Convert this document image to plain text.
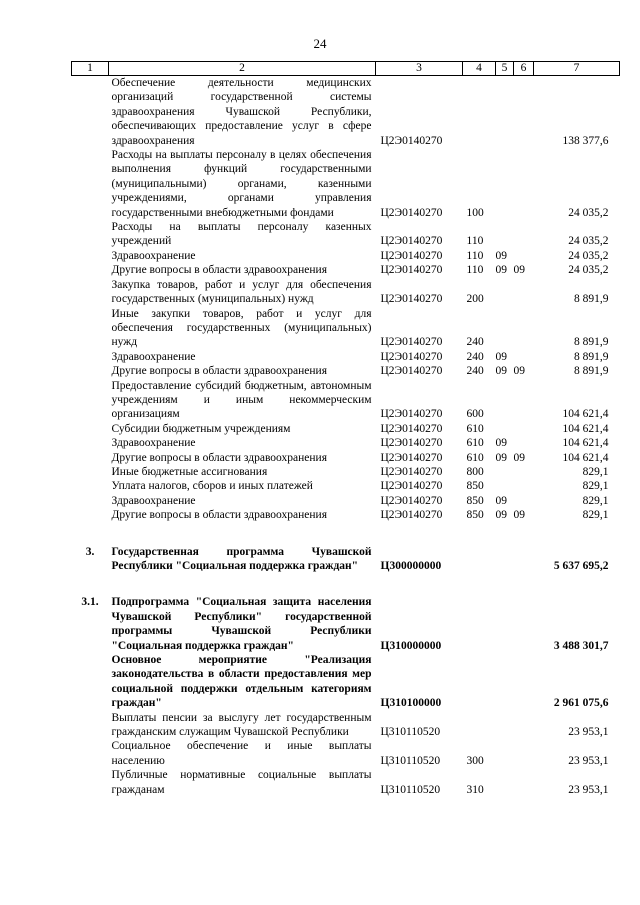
24
1	2	3	4	5	6	7
	Обеспечение деятельности медицинских организаций государственной системы здравоохранения Чувашской Республики, обеспечивающих предоставление услуг в сфере здравоохранения	Ц2Э0140270				138 377,6
	Расходы на выплаты персоналу в целях обеспечения выполнения функций государственными (муниципальными) органами, казенными учреждениями, органами управления государственными внебюджетными фондами	Ц2Э0140270	100			24 035,2
	Расходы на выплаты персоналу казенных учреждений	Ц2Э0140270	110			24 035,2
	Здравоохранение	Ц2Э0140270	110	09		24 035,2
	Другие вопросы в области здравоохранения	Ц2Э0140270	110	09	09	24 035,2
	Закупка товаров, работ и услуг для обеспечения государственных (муниципальных) нужд	Ц2Э0140270	200			8 891,9
	Иные закупки товаров, работ и услуг для обеспечения государственных (муниципальных) нужд	Ц2Э0140270	240			8 891,9
	Здравоохранение	Ц2Э0140270	240	09		8 891,9
	Другие вопросы в области здравоохранения	Ц2Э0140270	240	09	09	8 891,9
	Предоставление субсидий бюджетным, автономным учреждениям и иным некоммерческим организациям	Ц2Э0140270	600			104 621,4
	Субсидии бюджетным учреждениям	Ц2Э0140270	610			104 621,4
	Здравоохранение	Ц2Э0140270	610	09		104 621,4
	Другие вопросы в области здравоохранения	Ц2Э0140270	610	09	09	104 621,4
	Иные бюджетные ассигнования	Ц2Э0140270	800			829,1
	Уплата налогов, сборов и иных платежей	Ц2Э0140270	850			829,1
	Здравоохранение	Ц2Э0140270	850	09		829,1
	Другие вопросы в области здравоохранения	Ц2Э0140270	850	09	09	829,1

3.	Государственная программа Чувашской Республики "Социальная поддержка граждан"	Ц300000000				5 637 695,2

3.1.	Подпрограмма "Социальная защита населения Чувашской Республики" государственной программы Чувашской Республики "Социальная поддержка граждан"	Ц310000000				3 488 301,7
	Основное мероприятие "Реализация законодательства в области предоставления мер социальной поддержки отдельным категориям граждан"	Ц310100000				2 961 075,6
	Выплаты пенсии за выслугу лет государственным гражданским служащим Чувашской Республики	Ц310110520				23 953,1
	Социальное обеспечение и иные выплаты населению	Ц310110520	300			23 953,1
	Публичные нормативные социальные выплаты гражданам	Ц310110520	310			23 953,1
